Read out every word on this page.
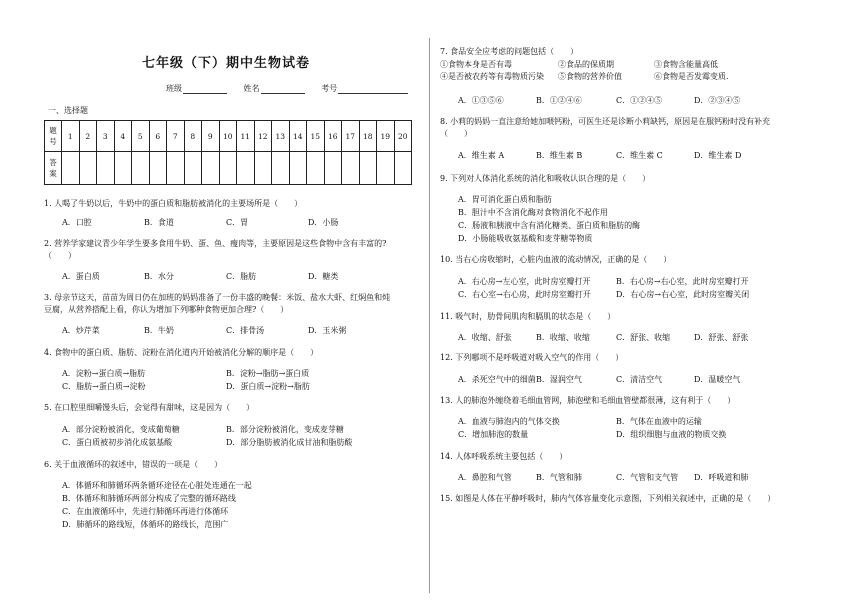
七年级（下）期中生物试卷
班级	姓名	考号
一、选择题
题号	1	2	3	4	5	6	7	8	9	10	11	12	13	14	15	16	17	18	19	20
答案																				
1. 人喝了牛奶以后，牛奶中的蛋白质和脂肪被消化的主要场所是（　　）
A．口腔	B．食道	C．胃	D．小肠
2. 营养学家建议青少年学生要多食用牛奶、蛋、鱼、瘦肉等，主要原因是这些食物中含有丰富的?
（　　）
A．蛋白质	B．水分	C．脂肪	D．糖类
3. 母亲节这天，苗苗为周日仍在加班的妈妈准备了一份丰盛的晚餐：米饭、盐水大虾、红焖鱼和炖
豆腐，从营养搭配上看，你认为增加下列哪种食物更加合理?（　　）
A．炒芹菜	B．牛奶	C．排骨汤	D．玉米粥
4. 食物中的蛋白质、脂肪、淀粉在消化道内开始被消化分解的顺序是（　　）
A．淀粉→蛋白质→脂肪	B．淀粉→脂肪→蛋白质
C．脂肪→蛋白质→淀粉	D．蛋白质→淀粉→脂肪
5. 在口腔里细嚼馒头后，会觉得有甜味，这是因为（　　）
A．部分淀粉被消化，变成葡萄糖	B．部分淀粉被消化，变成麦芽糖
C．蛋白质被初步消化成氨基酸	D．部分脂肪被消化成甘油和脂肪酸
6. 关于血液循环的叙述中，错误的一项是（　　）
A．体循环和肺循环两条循环途径在心脏处连通在一起
B．体循环和肺循环两部分构成了完整的循环路线
C．在血液循环中，先进行肺循环再进行体循环
D．肺循环的路线短，体循环的路线长，范围广
7. 食品安全应考虑的问题包括（　　）
①食物本身是否有毒	②食品的保质期	③食物含能量高低
④是否被农药等有毒物质污染 ⑤食物的营养价值	⑥食物是否发霉变质.
A．①③⑤⑥	B．①②④⑥	C．①②④⑤	D．②③④⑤
8. 小莉的妈妈一直注意给她加喂钙粉，可医生还是诊断小莉缺钙，原因是在服钙粉时没有补充
（　　）
A．维生素 A	B．维生素 B	C．维生素 C	D．维生素 D
9. 下列对人体消化系统的消化和吸收认识合理的是（　　）
A．胃可消化蛋白质和脂肪
B．胆汁中不含消化酶对食物消化不起作用
C．肠液和胰液中含有消化糖类、蛋白质和脂肪的酶
D．小肠能吸收氨基酸和麦芽糖等物质
10. 当右心房收缩时，心脏内血液的流动情况，正确的是（　　）
A．右心房→左心室，此时房室瓣打开	B．右心房→右心室，此时房室瓣打开
C．右心室→右心房，此时房室瓣打开	D．右心房→右心室，此时房室瓣关闭
11. 吸气时，肋骨间肌肉和膈肌的状态是（　　）
A．收缩、舒张	B．收缩、收缩	C．舒张、收缩	D．舒张、舒张
12. 下列哪项不是呼吸道对吸入空气的作用（　　）
A．杀死空气中的细菌 B．湿润空气	C．清洁空气	D．温暖空气
13. 人的肺泡外缠绕着毛细血管网，肺泡壁和毛细血管壁都很薄，这有利于（　　）
A．血液与肺泡内的气体交换	B．气体在血液中的运输
C．增加肺泡的数量	D．组织细胞与血液的物质交换
14. 人体呼吸系统主要包括（　　）
A．鼻腔和气管	B．气管和肺	C．气管和支气管 D．呼吸道和肺
15. 如图是人体在平静呼吸时，肺内气体容量变化示意图，下列相关叙述中，正确的是（　　）
